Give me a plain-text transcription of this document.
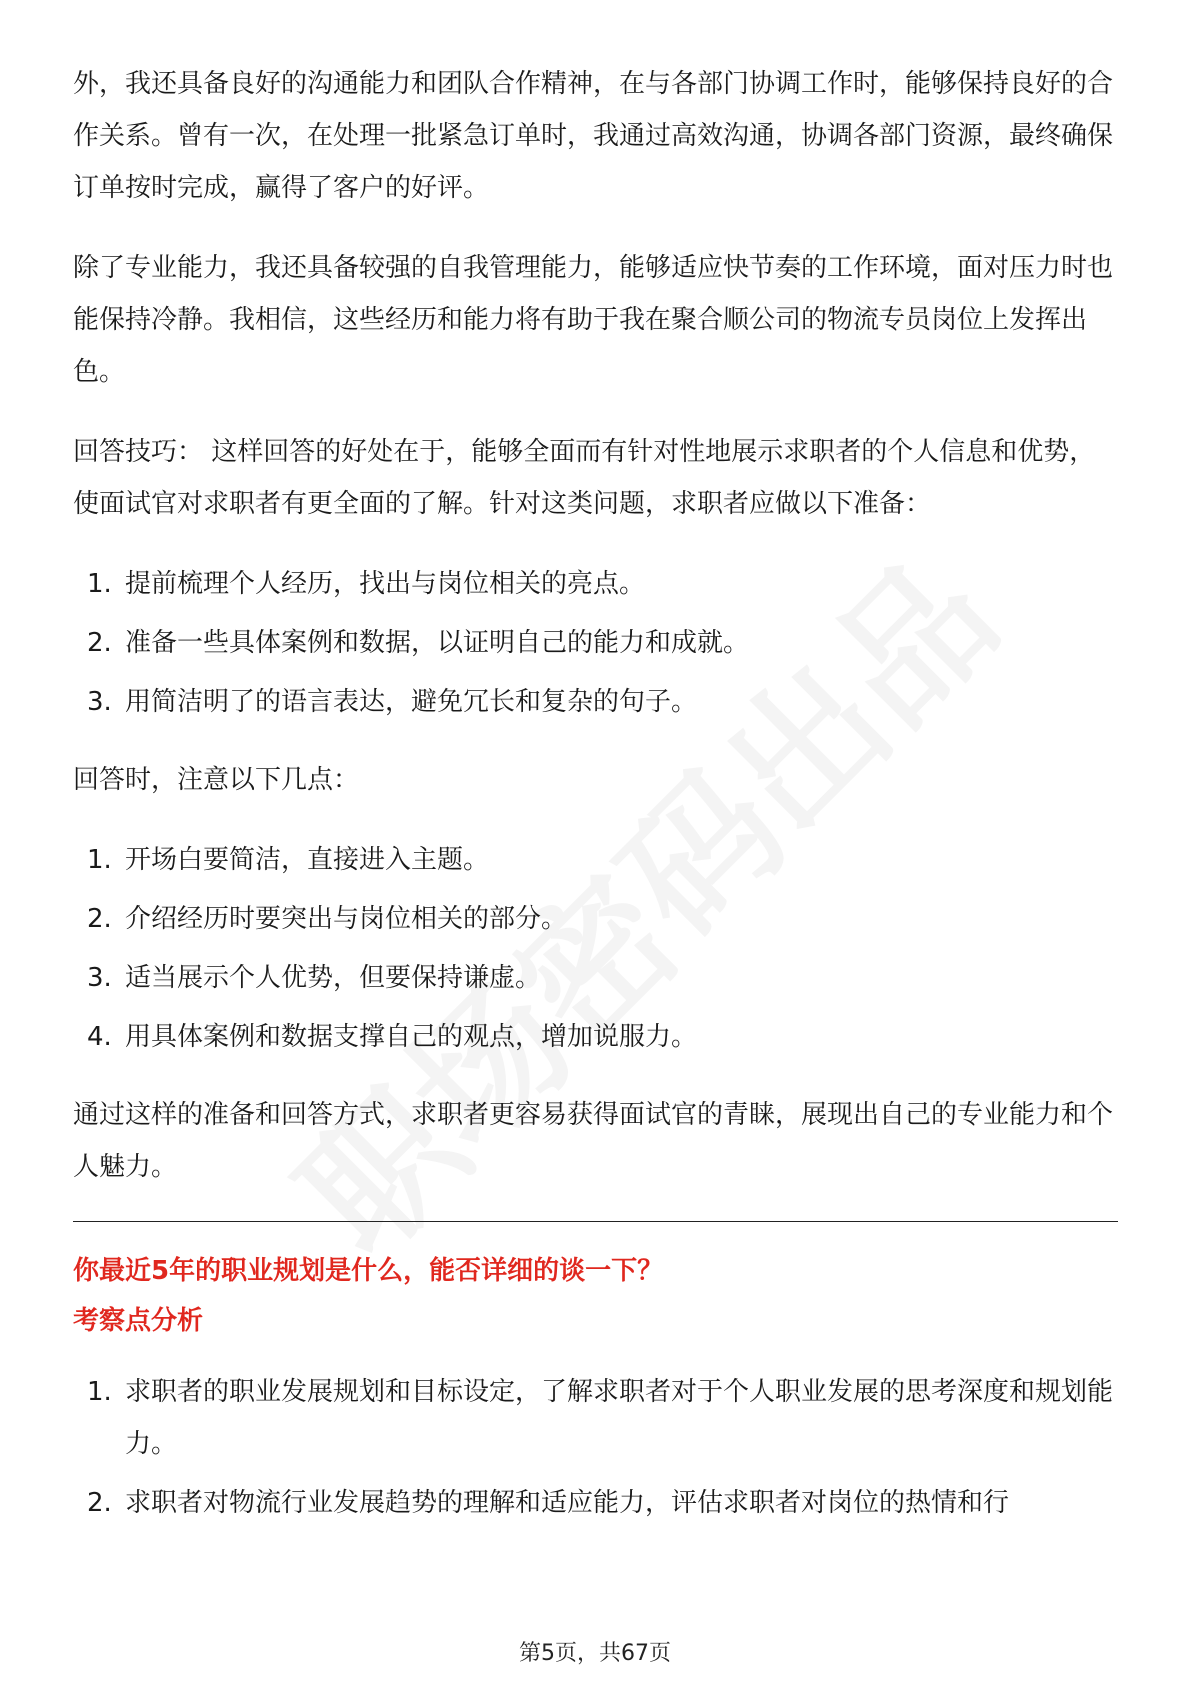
外，我还具备良好的沟通能力和团队合作精神，在与各部门协调工作时，能够保持良好的合作关系。曾有一次，在处理一批紧急订单时，我通过高效沟通，协调各部门资源，最终确保订单按时完成，赢得了客户的好评。

除了专业能力，我还具备较强的自我管理能力，能够适应快节奏的工作环境，面对压力时也能保持冷静。我相信，这些经历和能力将有助于我在聚合顺公司的物流专员岗位上发挥出色。

回答技巧： 这样回答的好处在于，能够全面而有针对性地展示求职者的个人信息和优势，使面试官对求职者有更全面的了解。针对这类问题，求职者应做以下准备：

1. 提前梳理个人经历，找出与岗位相关的亮点。
2. 准备一些具体案例和数据，以证明自己的能力和成就。
3. 用简洁明了的语言表达，避免冗长和复杂的句子。

回答时，注意以下几点：

1. 开场白要简洁，直接进入主题。
2. 介绍经历时要突出与岗位相关的部分。
3. 适当展示个人优势，但要保持谦虚。
4. 用具体案例和数据支撑自己的观点，增加说服力。

通过这样的准备和回答方式，求职者更容易获得面试官的青睐，展现出自己的专业能力和个人魅力。

你最近5年的职业规划是什么，能否详细的谈一下？

考察点分析

1. 求职者的职业发展规划和目标设定，了解求职者对于个人职业发展的思考深度和规划能力。
2. 求职者对物流行业发展趋势的理解和适应能力，评估求职者对岗位的热情和行
第5页，共67页
